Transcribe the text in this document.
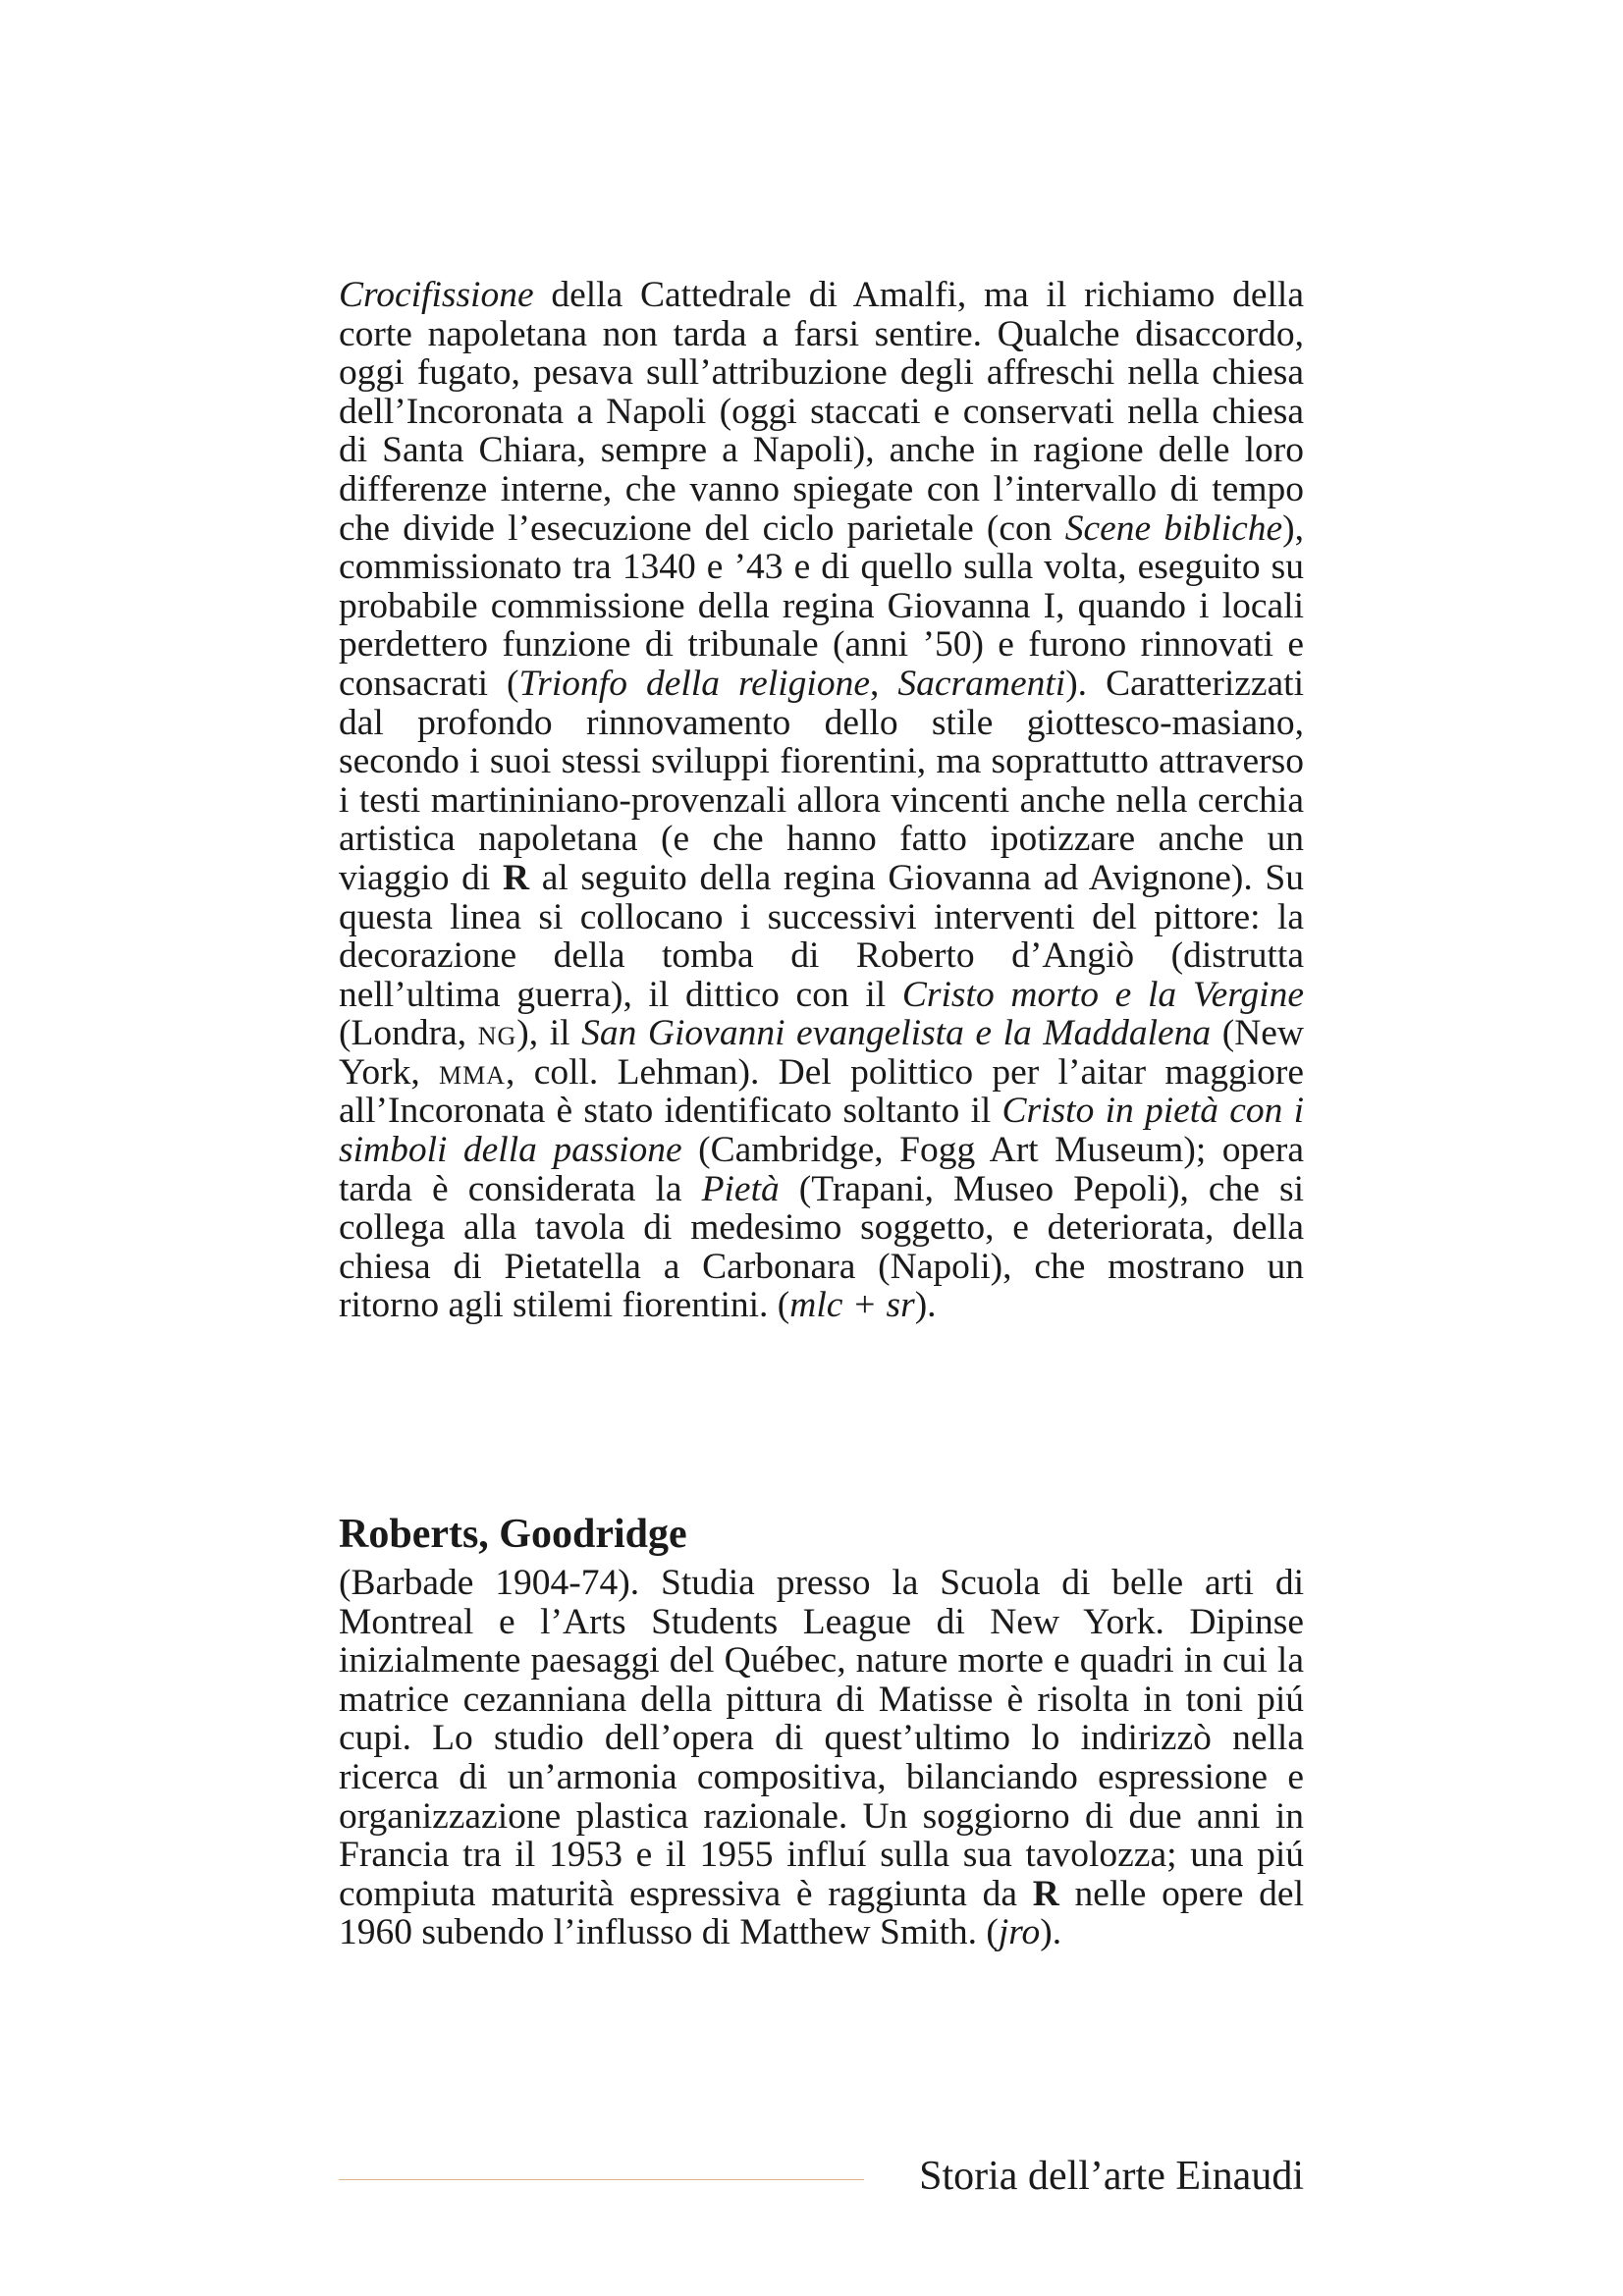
Crocifissione della Cattedrale di Amalfi, ma il richiamo della corte napoletana non tarda a farsi sentire. Qualche disaccordo, oggi fugato, pesava sull’attribuzione degli affreschi nella chiesa dell’Incoronata a Napoli (oggi staccati e conservati nella chiesa di Santa Chiara, sempre a Napoli), anche in ragione delle loro differenze interne, che vanno spiegate con l’intervallo di tempo che divide l’esecuzione del ciclo parietale (con Scene bibliche), commissionato tra 1340 e ’43 e di quello sulla volta, eseguito su probabile commissione della regina Giovanna I, quando i locali perdettero funzione di tribunale (anni ’50) e furono rinnovati e consacrati (Trionfo della religione, Sacramenti). Caratterizzati dal profondo rinnovamento dello stile giottesco-masiano, secondo i suoi stessi sviluppi fiorentini, ma soprattutto attraverso i testi martininiano-provenzali allora vincenti anche nella cerchia artistica napoletana (e che hanno fatto ipotizzare anche un viaggio di R al seguito della regina Giovanna ad Avignone). Su questa linea si collocano i successivi interventi del pittore: la decorazione della tomba di Roberto d’Angiò (distrutta nell’ultima guerra), il dittico con il Cristo morto e la Vergine (Londra, ng), il San Giovanni evangelista e la Maddalena (New York, mma, coll. Lehman). Del polittico per l’aitar maggiore all’Incoronata è stato identificato soltanto il Cristo in pietà con i simboli della passione (Cambridge, Fogg Art Museum); opera tarda è considerata la Pietà (Trapani, Museo Pepoli), che si collega alla tavola di medesimo soggetto, e deteriorata, della chiesa di Pietatella a Carbonara (Napoli), che mostrano un ritorno agli stilemi fiorentini. (mlc + sr).
Roberts, Goodridge
(Barbade 1904-74). Studia presso la Scuola di belle arti di Montreal e l’Arts Students League di New York. Dipinse inizialmente paesaggi del Québec, nature morte e quadri in cui la matrice cezanniana della pittura di Matisse è risolta in toni piú cupi. Lo studio dell’opera di quest’ultimo lo indirizzò nella ricerca di un’armonia compositiva, bilanciando espressione e organizzazione plastica razionale. Un soggiorno di due anni in Francia tra il 1953 e il 1955 influí sulla sua tavolozza; una piú compiuta maturità espressiva è raggiunta da R nelle opere del 1960 subendo l’influsso di Matthew Smith. (jro).
Storia dell’arte Einaudi
